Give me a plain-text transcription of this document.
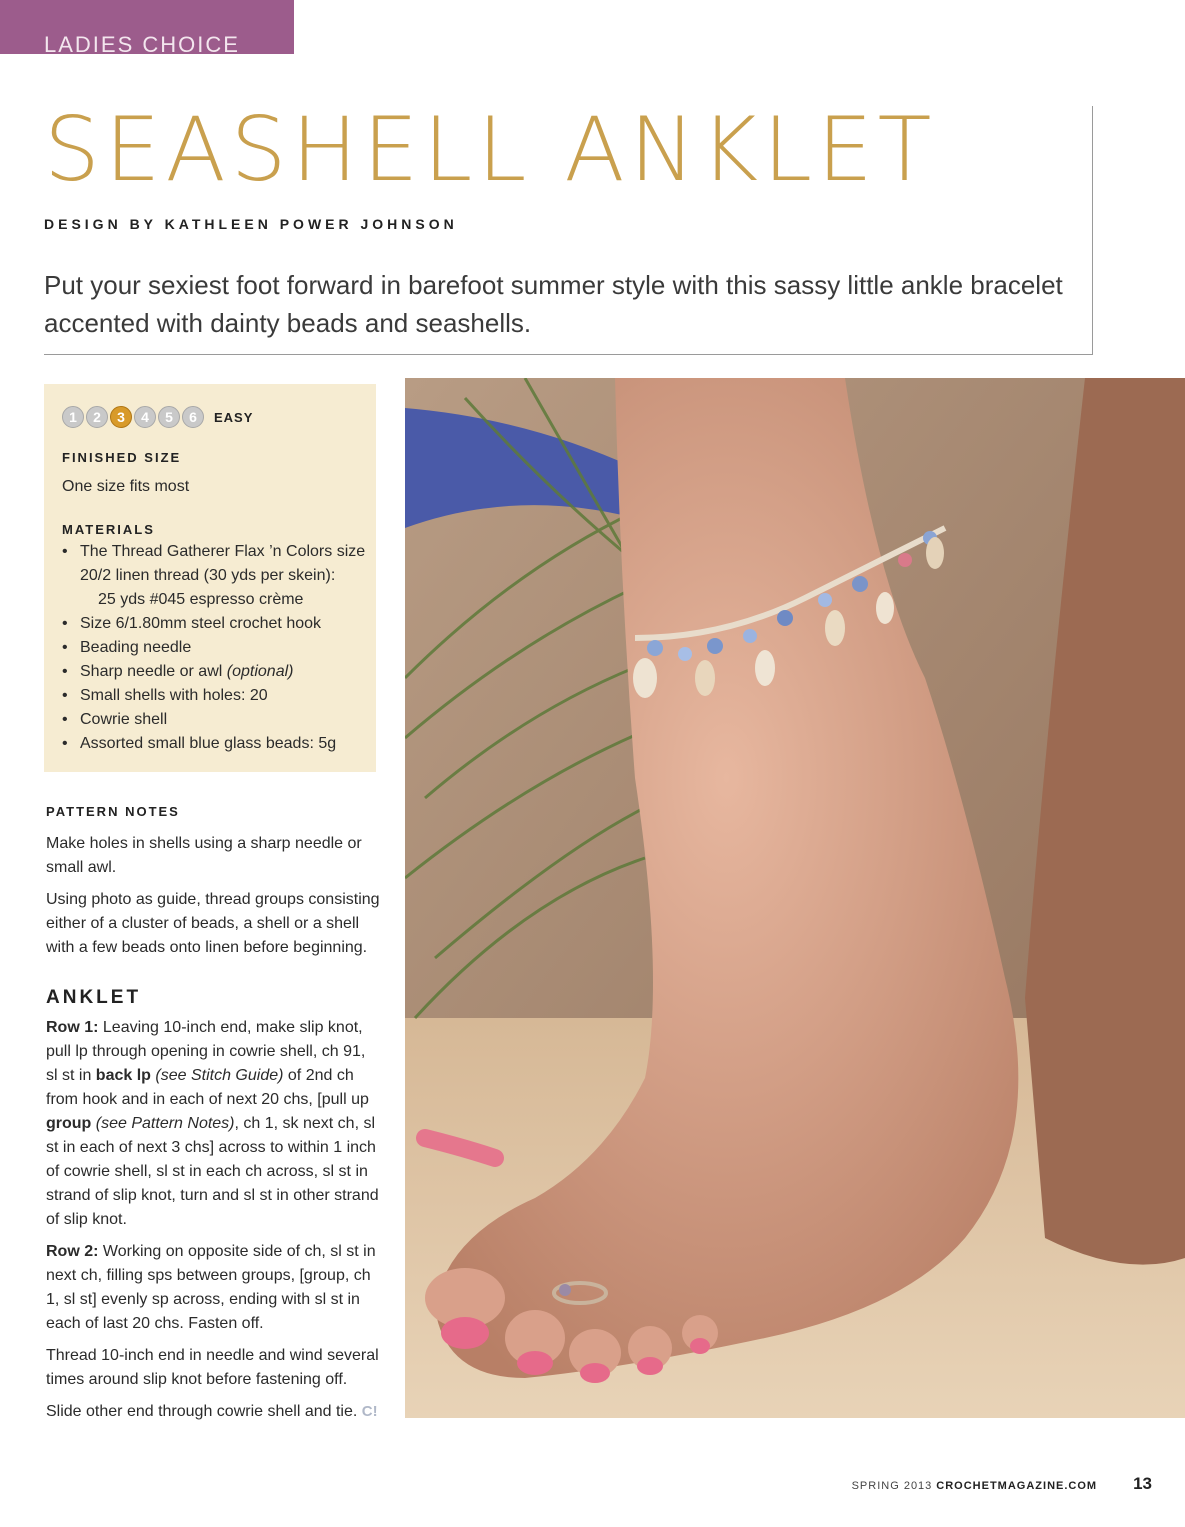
LADIES CHOICE
SEASHELL ANKLET
DESIGN BY KATHLEEN POWER JOHNSON

Put your sexiest foot forward in barefoot summer style with this sassy little ankle bracelet accented with dainty beads and seashells.

1	2	3	4	5	6	EASY
FINISHED SIZE
One size fits most
MATERIALS
• The Thread Gatherer Flax ’n Colors size 20/2 linen thread (30 yds per skein):
25 yds #045 espresso crème
• Size 6/1.80mm steel crochet hook
• Beading needle
• Sharp needle or awl (optional)
• Small shells with holes: 20
• Cowrie shell
• Assorted small blue glass beads: 5g
PATTERN NOTES

Make holes in shells using a sharp needle or small awl.

Using photo as guide, thread groups consisting either of a cluster of beads, a shell or a shell with a few beads onto linen before beginning.

ANKLET

Row 1: Leaving 10-inch end, make slip knot, pull lp through opening in cowrie shell, ch 91, sl st in back lp (see Stitch Guide) of 2nd ch from hook and in each of next 20 chs, [pull up group (see Pattern Notes), ch 1, sk next ch, sl st in each of next 3 chs] across to within 1 inch of cowrie shell, sl st in each ch across, sl st in strand of slip knot, turn and sl st in other strand of slip knot.

Row 2: Working on opposite side of ch, sl st in next ch, filling sps between groups, [group, ch 1, sl st] evenly sp across, ending with sl st in each of last 20 chs. Fasten off.

Thread 10-inch end in needle and wind several times around slip knot before fastening off.

Slide other end through cowrie shell and tie. C!

SPRING 2013 CROCHETMAGAZINE.COM 13
